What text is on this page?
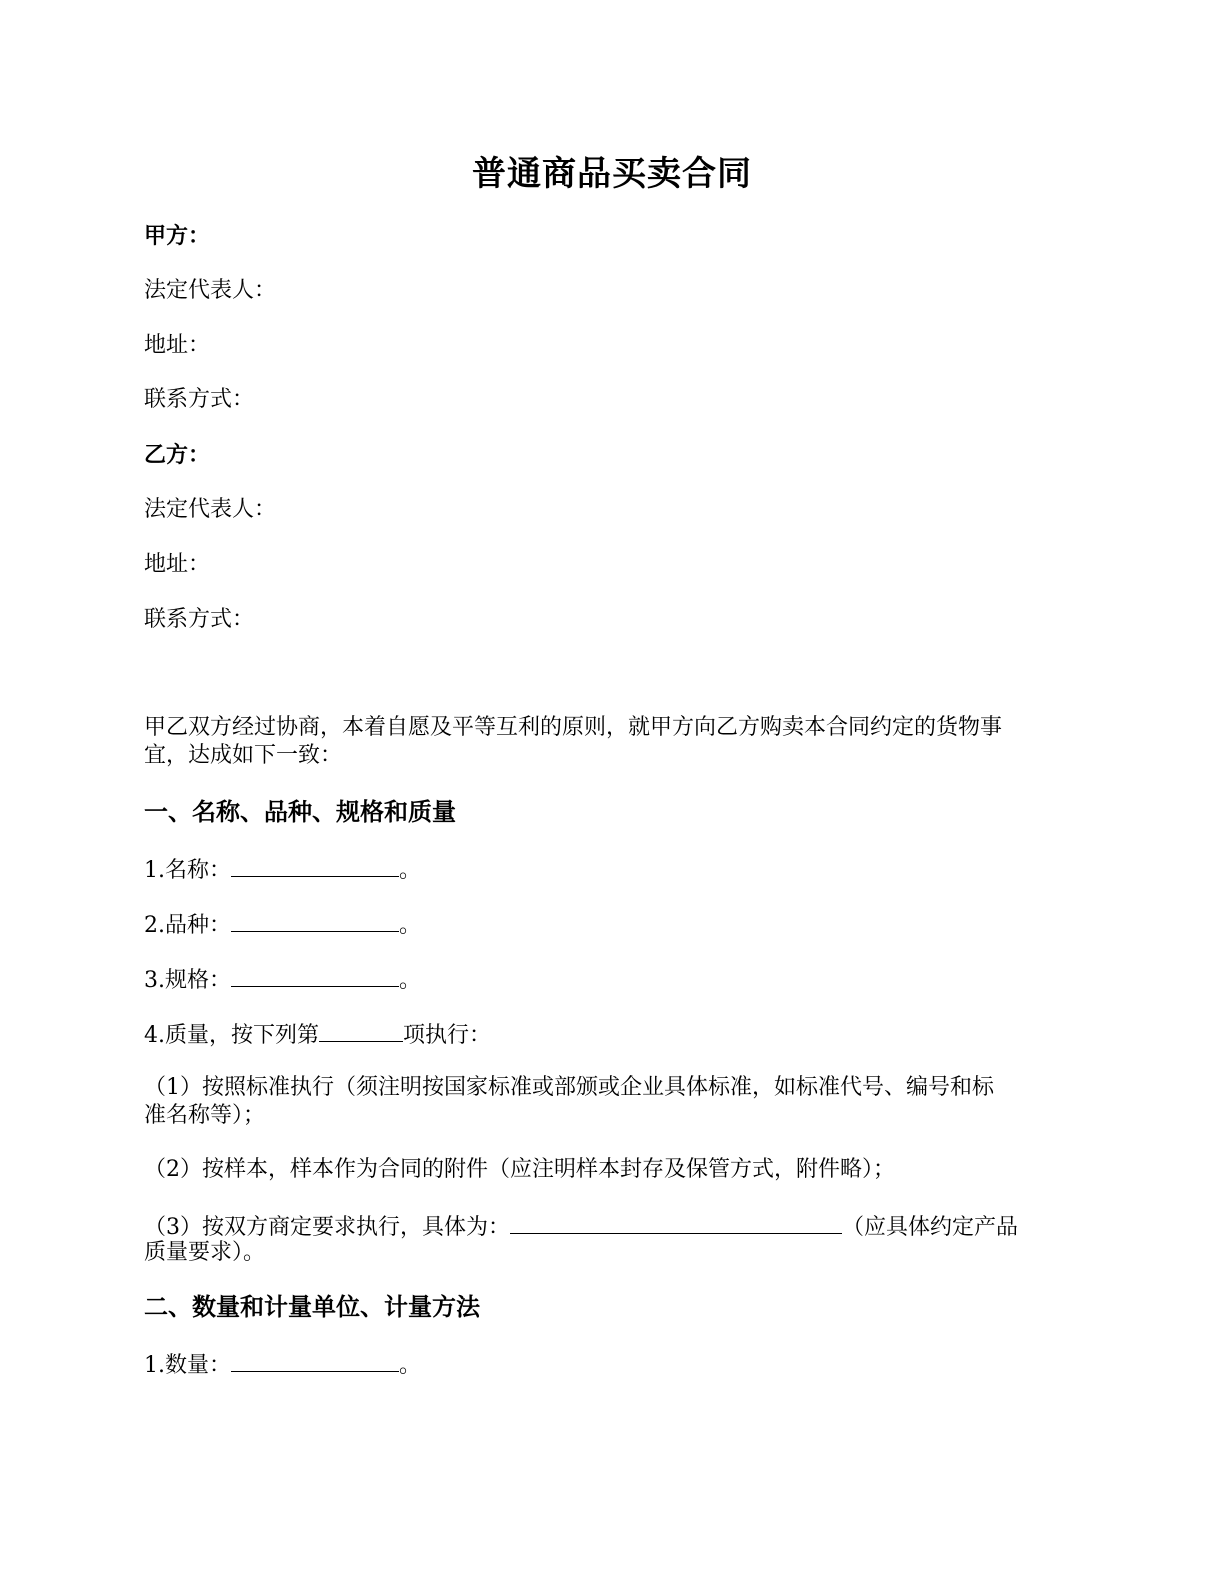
普通商品买卖合同
甲方：
法定代表人：
地址：
联系方式：
乙方：
法定代表人：
地址：
联系方式：
甲乙双方经过协商，本着自愿及平等互利的原则，就甲方向乙方购卖本合同约定的货物事
宜，达成如下一致：
一、名称、品种、规格和质量
1.名称：	。
2.品种：	。
3.规格：	。
4.质量，按下列第	项执行：
（1）按照标准执行（须注明按国家标准或部颁或企业具体标准，如标准代号、编号和标
准名称等）；
（2）按样本，样本作为合同的附件（应注明样本封存及保管方式，附件略）；
（3）按双方商定要求执行，具体为：	（应具体约定产品
质量要求）。
二、数量和计量单位、计量方法
1.数量：	。
